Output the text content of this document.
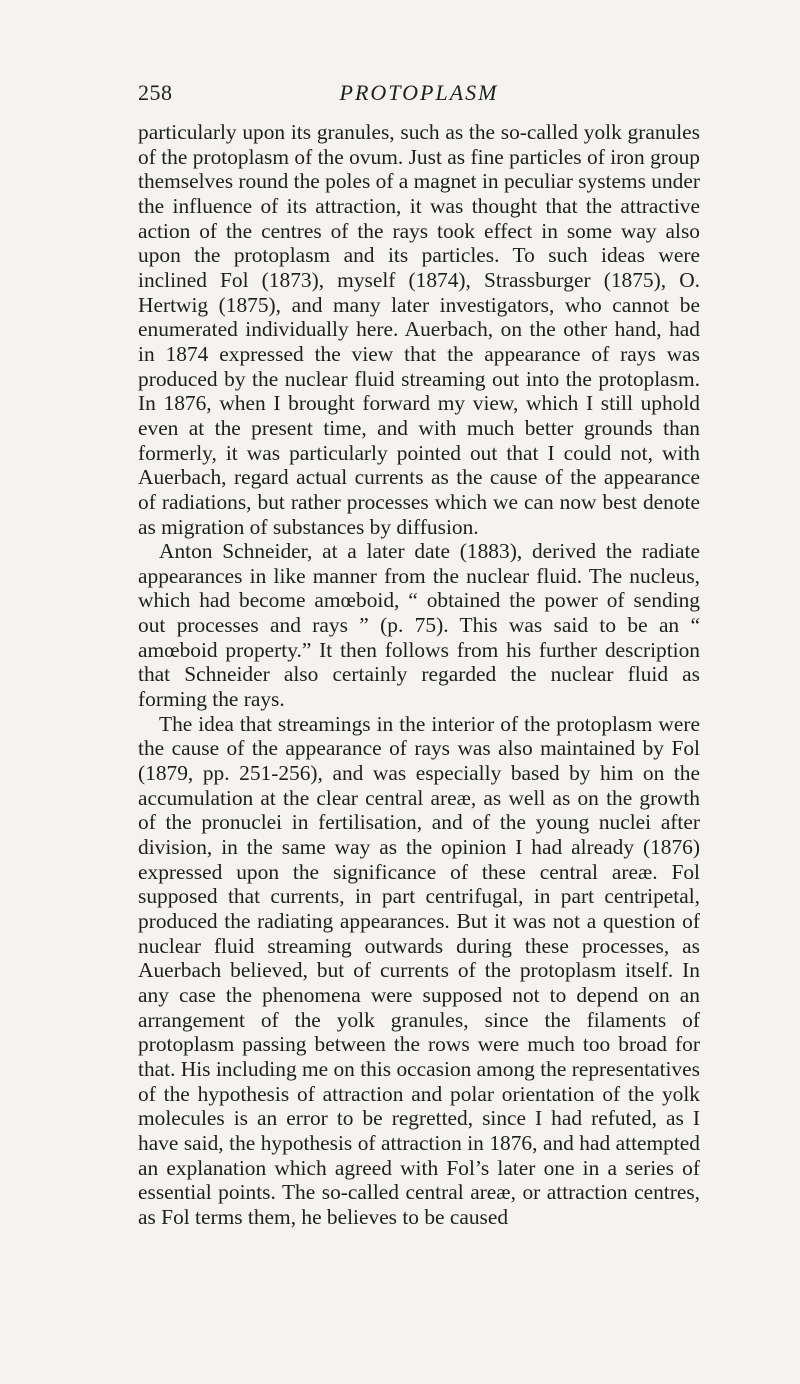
258	PROTOPLASM

particularly upon its granules, such as the so-called yolk granules of the protoplasm of the ovum. Just as fine particles of iron group themselves round the poles of a magnet in peculiar systems under the influence of its attraction, it was thought that the attractive action of the centres of the rays took effect in some way also upon the protoplasm and its particles. To such ideas were inclined Fol (1873), myself (1874), Strassburger (1875), O. Hertwig (1875), and many later investigators, who cannot be enumerated individually here. Auerbach, on the other hand, had in 1874 expressed the view that the appearance of rays was produced by the nuclear fluid streaming out into the protoplasm. In 1876, when I brought forward my view, which I still uphold even at the present time, and with much better grounds than formerly, it was particularly pointed out that I could not, with Auerbach, regard actual currents as the cause of the appearance of radiations, but rather processes which we can now best denote as migration of substances by diffusion.

Anton Schneider, at a later date (1883), derived the radiate appearances in like manner from the nuclear fluid. The nucleus, which had become amœboid, “ obtained the power of sending out processes and rays ” (p. 75). This was said to be an “ amœboid property.” It then follows from his further description that Schneider also certainly regarded the nuclear fluid as forming the rays.

The idea that streamings in the interior of the protoplasm were the cause of the appearance of rays was also maintained by Fol (1879, pp. 251-256), and was especially based by him on the accumulation at the clear central areæ, as well as on the growth of the pronuclei in fertilisation, and of the young nuclei after division, in the same way as the opinion I had already (1876) expressed upon the significance of these central areæ. Fol supposed that currents, in part centrifugal, in part centripetal, produced the radiating appearances. But it was not a question of nuclear fluid streaming outwards during these processes, as Auerbach believed, but of currents of the protoplasm itself. In any case the phenomena were supposed not to depend on an arrangement of the yolk granules, since the filaments of protoplasm passing between the rows were much too broad for that. His including me on this occasion among the representatives of the hypothesis of attraction and polar orientation of the yolk molecules is an error to be regretted, since I had refuted, as I have said, the hypothesis of attraction in 1876, and had attempted an explanation which agreed with Fol’s later one in a series of essential points. The so-called central areæ, or attraction centres, as Fol terms them, he believes to be caused
